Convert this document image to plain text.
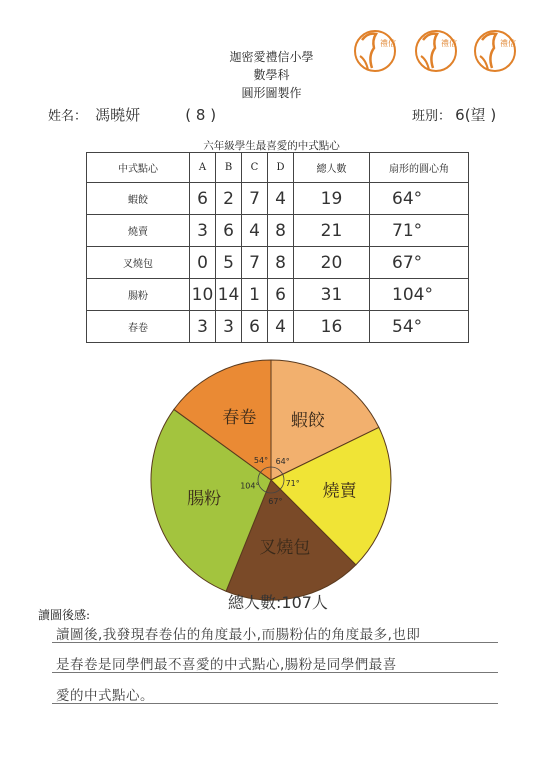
禮信	禮信	禮信
迦密愛禮信小學
數學科
圓形圖製作
姓名： 馮曉妍	( 8 )	班別： 6(望 )
六年級學生最喜愛的中式點心
中式點心	A	B	C	D	總人數	扇形的圓心角
蝦餃	6	2	7	4	19	64°
燒賣	3	6	4	8	21	71°
叉燒包	0	5	7	8	20	67°
腸粉	10	14	1	6	31	104°
春卷	3	3	6	4	16	54°
蝦餃
64°
燒賣
71°
叉燒包
67°
腸粉
104°
春卷
54°
總人數:107人
讀圖後感:
讀圖後,我發現春卷佔的角度最小,而腸粉佔的角度最多,也即
是春卷是同學們最不喜愛的中式點心,腸粉是同學們最喜
愛的中式點心。
